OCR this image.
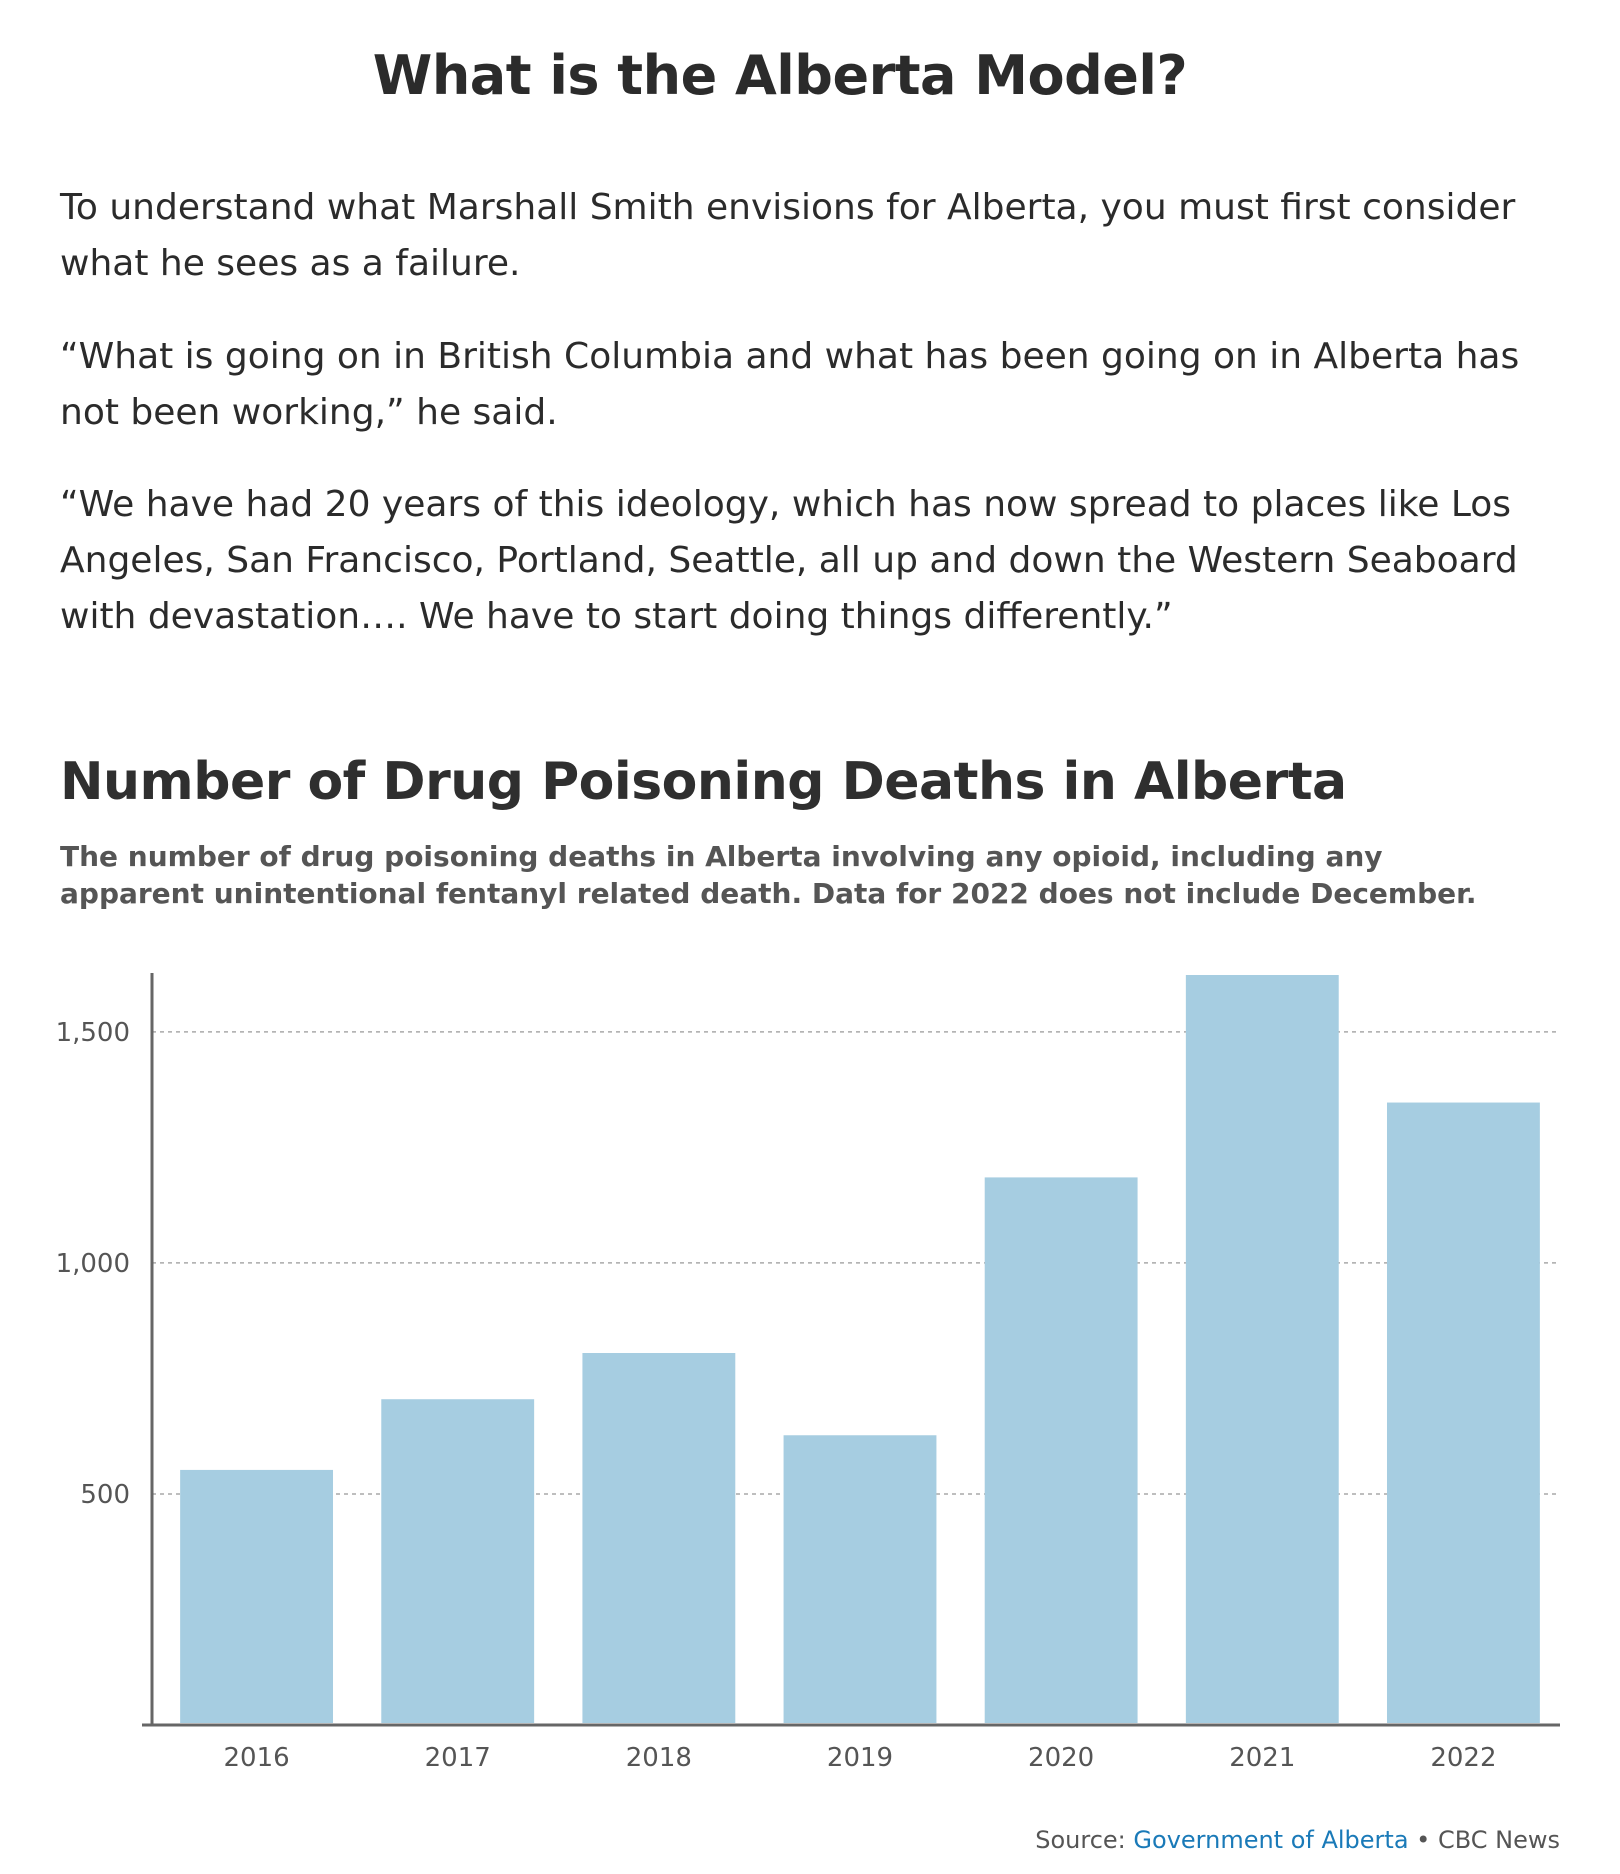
What is the Alberta Model?

To understand what Marshall Smith envisions for Alberta, you must first consider what he sees as a failure.

“What is going on in British Columbia and what has been going on in Alberta has not been working,” he said.

“We have had 20 years of this ideology, which has now spread to places like Los Angeles, San Francisco, Portland, Seattle, all up and down the Western Seaboard with devastation…. We have to start doing things differently.”

Number of Drug Poisoning Deaths in Alberta
The number of drug poisoning deaths in Alberta involving any opioid, including any apparent unintentional fentanyl related death. Data for 2022 does not include December.
500
1,000
1,500
2016	2017	2018	2019	2020	2021	2022
Source: Government of Alberta • CBC News
